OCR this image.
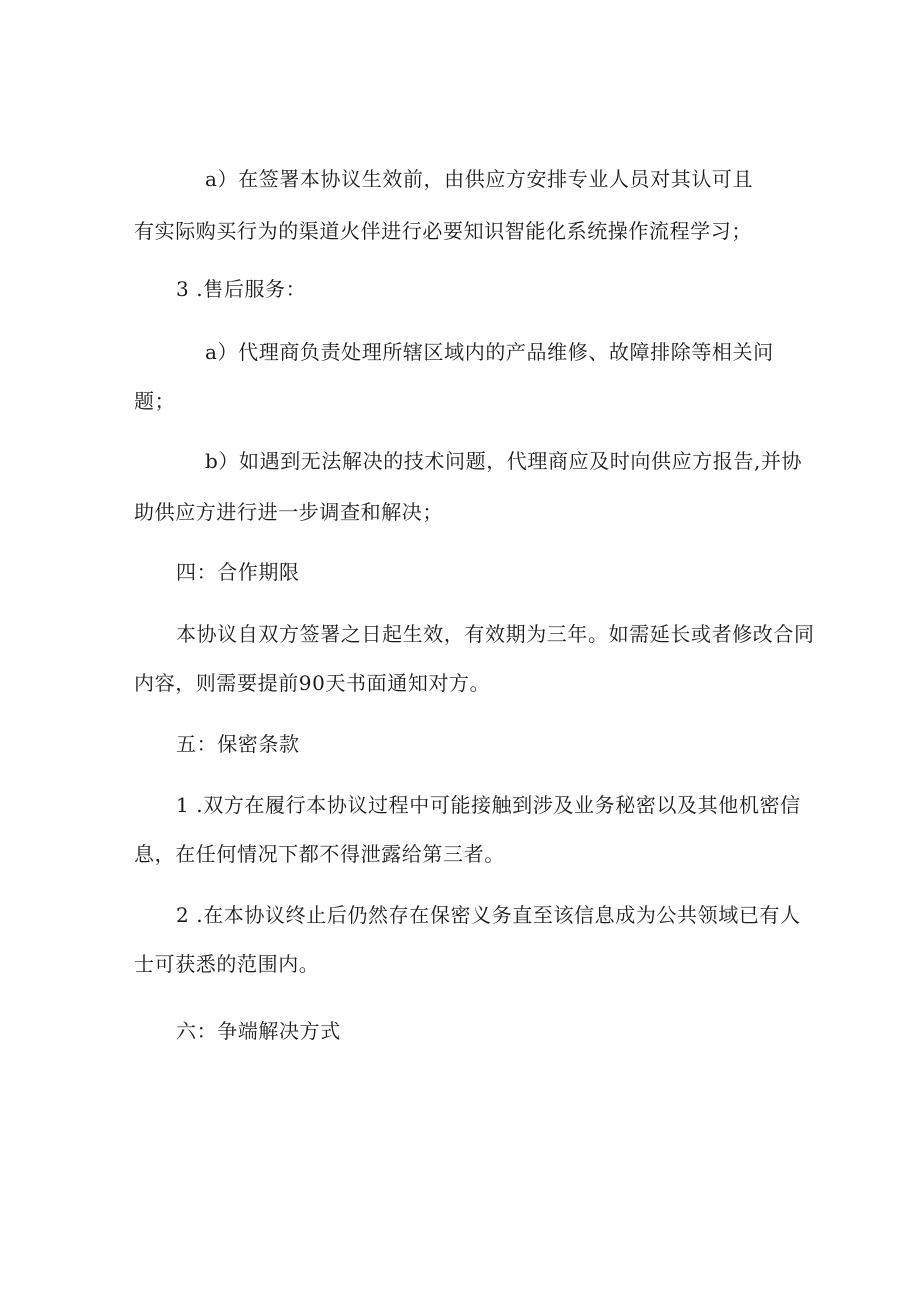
a）在签署本协议生效前，由供应方安排专业人员对其认可且
有实际购买行为的渠道火伴进行必要知识智能化系统操作流程学习；
3 .售后服务：
a）代理商负责处理所辖区域内的产品维修、故障排除等相关问
题；
b）如遇到无法解决的技术问题，代理商应及时向供应方报告,并协
助供应方进行进一步调查和解决；
四：合作期限
本协议自双方签署之日起生效，有效期为三年。如需延长或者修改合同
内容，则需要提前90天书面通知对方。
五：保密条款
1 .双方在履行本协议过程中可能接触到涉及业务秘密以及其他机密信
息，在任何情况下都不得泄露给第三者。
2 .在本协议终止后仍然存在保密义务直至该信息成为公共领域已有人
士可获悉的范围内。
六：争端解决方式
